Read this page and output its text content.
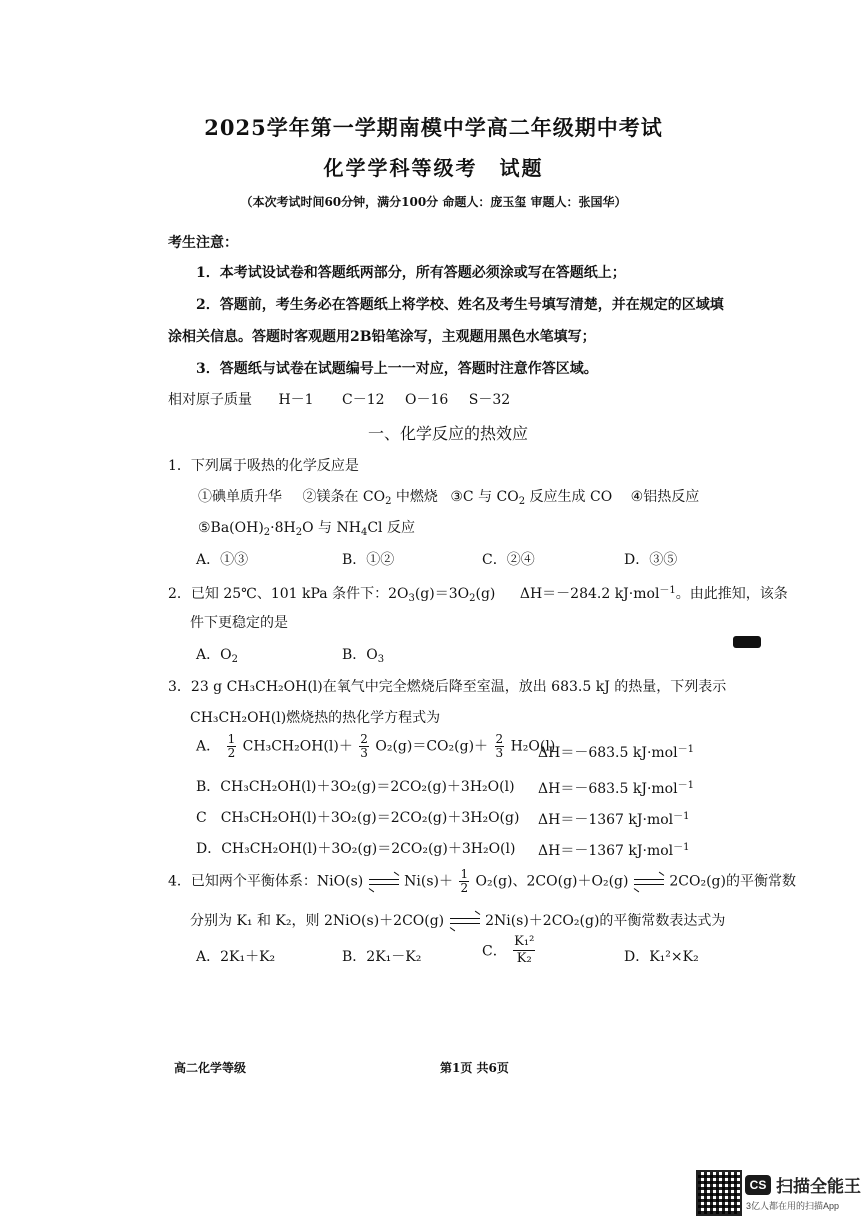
2025学年第一学期南模中学高二年级期中考试
化学学科等级考　试题
（本次考试时间60分钟，满分100分 命题人：庞玉玺 审题人：张国华）
考生注意：
1．本考试设试卷和答题纸两部分，所有答题必须涂或写在答题纸上；
2．答题前，考生务必在答题纸上将学校、姓名及考生号填写清楚，并在规定的区域填
涂相关信息。答题时客观题用2B铅笔涂写，主观题用黑色水笔填写；
3．答题纸与试卷在试题编号上一一对应，答题时注意作答区域。
相对原子质量 H－1 C－12 O－16 S－32
一、化学反应的热效应
1．下列属于吸热的化学反应是
①碘单质升华 ②镁条在 $CO_2$ 中燃烧 ③C 与 $CO_2$ 反应生成 CO ④铝热反应
$⑤Ba(OH)_2\cdot 8H_2O$ 与 $NH_4Cl$ 反应
A．①③	B．①②	C．②④	D．③⑤
2．已知 25℃、101 kPa 条件下：$2O_3(g)=3O_2(g)$ ΔH＝－284.2 kJ·mol$^{-1}$。由此推知，该条
件下更稳定的是
A．$O_2$	B．$O_3$
3．23 g CH₃CH₂OH(l)在氧气中完全燃烧后降至室温，放出 683.5 kJ 的热量，下列表示
CH₃CH₂OH(l)燃烧热的热化学方程式为
A． $\frac{1}{2} CH_3CH_2OH(l)+ \frac{2}{3} O_2(g)=CO_2(g)+ \frac{2}{3} H_2O(l)$
ΔH＝－683.5 kJ·mol$^{-1}$
B．CH₃CH₂OH(l)＋3O₂(g)＝2CO₂(g)＋3H₂O(l) ΔH＝－683.5 kJ·mol$^{-1}$
C　CH₃CH₂OH(l)＋3O₂(g)＝2CO₂(g)＋3H₂O(g) ΔH＝－1367 kJ·mol$^{-1}$
D．CH₃CH₂OH(l)＋3O₂(g)＝2CO₂(g)＋3H₂O(l) ΔH＝－1367 kJ·mol$^{-1}$
4．已知两个平衡体系：NiO(s)	$Ni(s)+ \frac{1}{2} O_2(g)$、2CO(g)＋O₂(g)	2CO₂(g)的平衡常数
分别为 K₁ 和 K₂，则 2NiO(s)＋2CO(g)	2Ni(s)＋2CO₂(g)的平衡常数表达式为
A．2K₁＋K₂	B．2K₁－K₂	C． $\frac{\text{K₁²}}{\text{K₂}}$	D．K₁²×K₂
高二化学等级	第1页 共6页
CS 扫描全能王
3亿人都在用的扫描App
